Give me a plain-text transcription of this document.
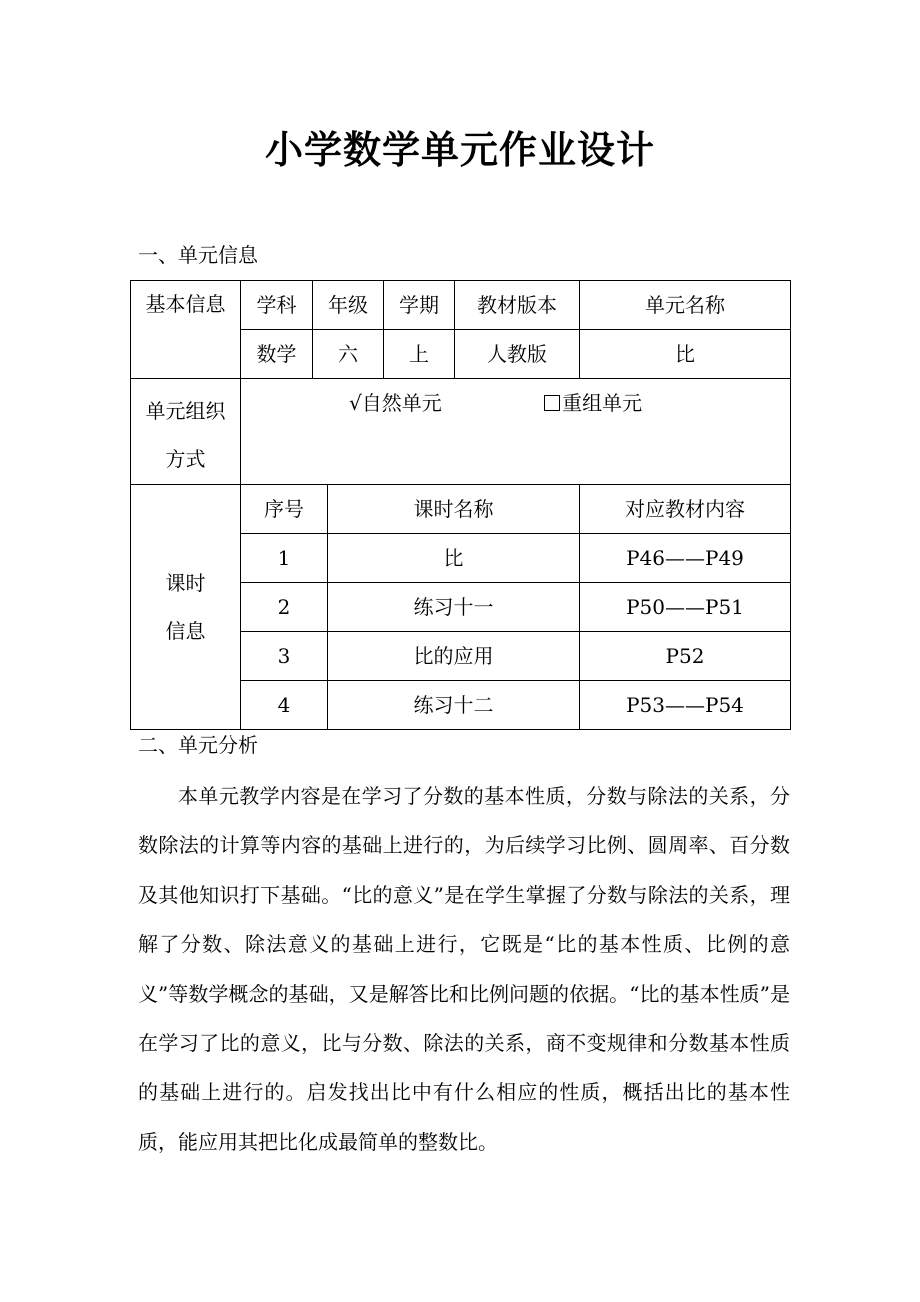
小学数学单元作业设计
一、单元信息
基本信息	学科	年级		学期	教材版本	单元名称
	数学	六		上	人教版	比
单元组织
方式	√自然单元 重组单元					
课时
信息	序号		课时名称			对应教材内容
	1		比			P46——P49
	2		练习十一			P50——P51
	3		比的应用			P52
	4		练习十二			P53——P54
二、单元分析
本单元教学内容是在学习了分数的基本性质，分数与除法的关系，分数除法的计算等内容的基础上进行的，为后续学习比例、圆周率、百分数及其他知识打下基础。“比的意义”是在学生掌握了分数与除法的关系，理解了分数、除法意义的基础上进行，它既是“比的基本性质、比例的意义”等数学概念的基础，又是解答比和比例问题的依据。“比的基本性质”是在学习了比的意义，比与分数、除法的关系，商不变规律和分数基本性质的基础上进行的。启发找出比中有什么相应的性质，概括出比的基本性质，能应用其把比化成最简单的整数比。
